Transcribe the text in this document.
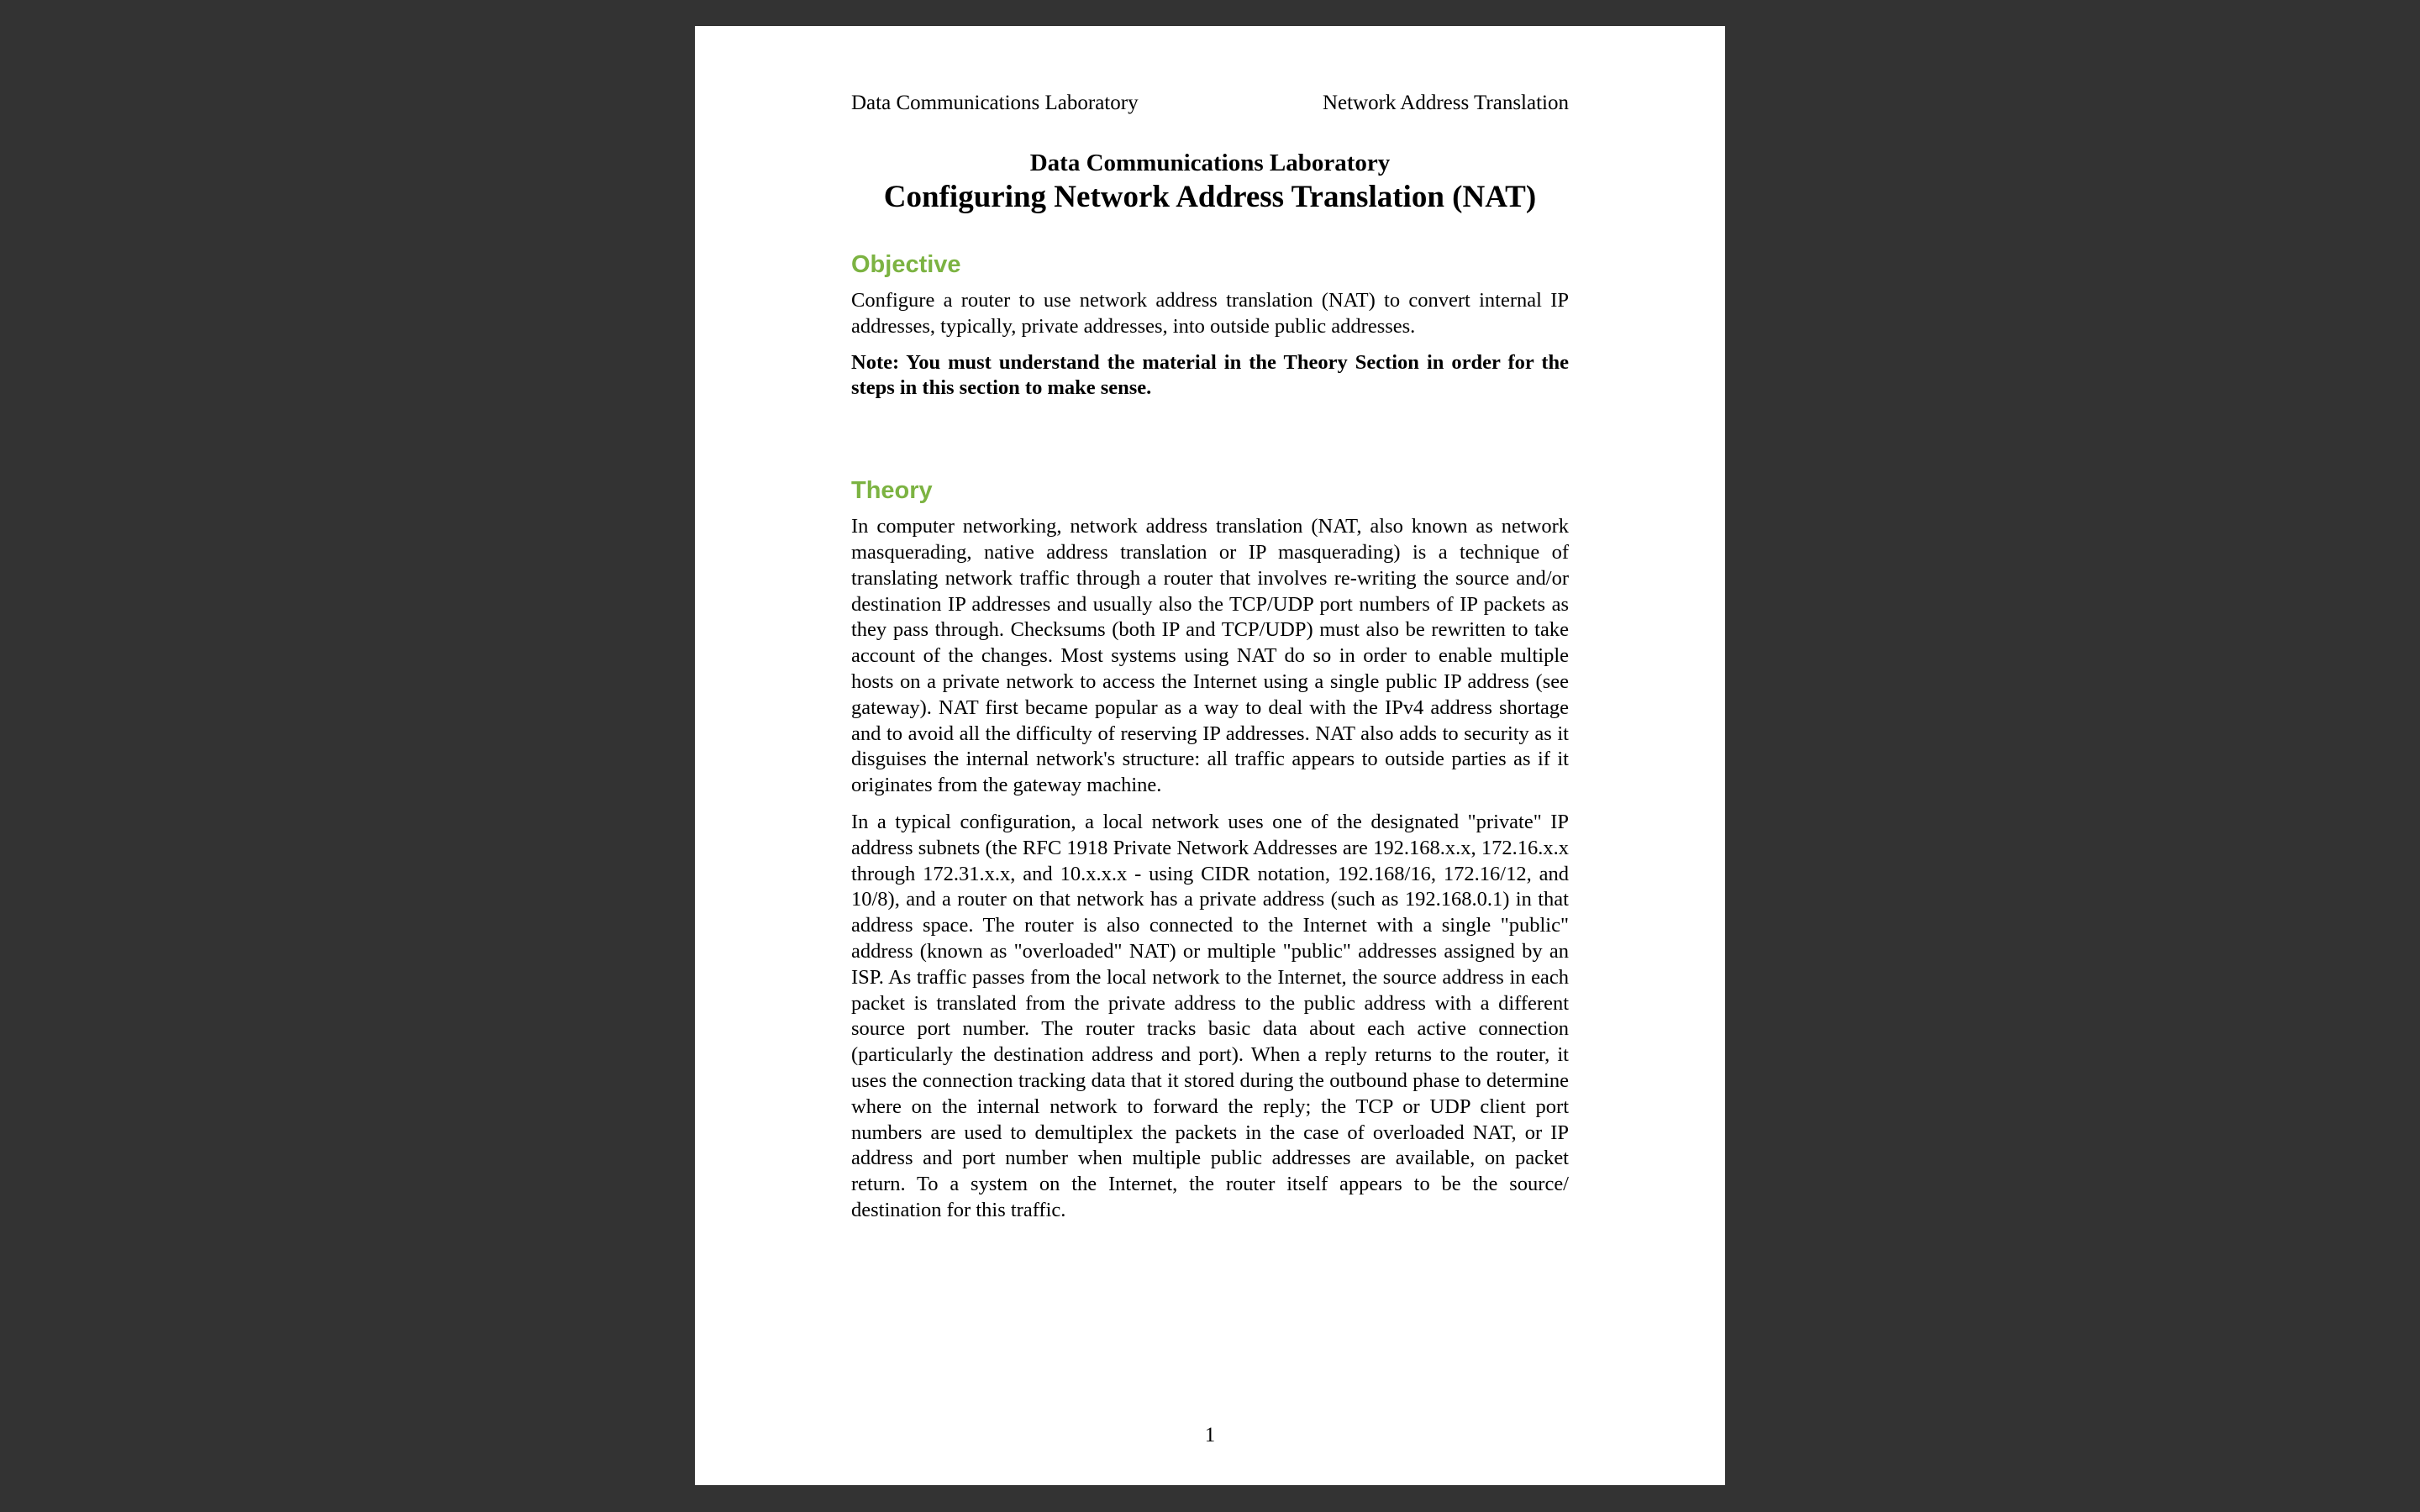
Data Communications Laboratory	Network Address Translation
Data Communications Laboratory
Configuring Network Address Translation (NAT)
Objective

Configure a router to use network address translation (NAT) to convert internal IP addresses, typically, private addresses, into outside public addresses.

Note: You must understand the material in the Theory Section in order for the steps in this section to make sense.

Theory

In computer networking, network address translation (NAT, also known as network masquerading, native address translation or IP masquerading) is a technique of translating network traffic through a router that involves re-writing the source and/or destination IP addresses and usually also the TCP/UDP port numbers of IP packets as they pass through. Checksums (both IP and TCP/UDP) must also be rewritten to take account of the changes. Most systems using NAT do so in order to enable multiple hosts on a private network to access the Internet using a single public IP address (see gateway). NAT first became popular as a way to deal with the IPv4 address shortage and to avoid all the difficulty of reserving IP addresses. NAT also adds to security as it disguises the internal network's structure: all traffic appears to outside parties as if it originates from the gateway machine.

In a typical configuration, a local network uses one of the designated "private" IP address subnets (the RFC 1918 Private Network Addresses are 192.168.x.x, 172.16.x.x through 172.31.x.x, and 10.x.x.x - using CIDR notation, 192.168/16, 172.16/12, and 10/8), and a router on that network has a private address (such as 192.168.0.1) in that address space. The router is also connected to the Internet with a single "public" address (known as "overloaded" NAT) or multiple "public" addresses assigned by an ISP. As traffic passes from the local network to the Internet, the source address in each packet is translated from the private address to the public address with a different source port number. The router tracks basic data about each active connection (particularly the destination address and port). When a reply returns to the router, it uses the connection tracking data that it stored during the outbound phase to determine where on the internal network to forward the reply; the TCP or UDP client port numbers are used to demultiplex the packets in the case of overloaded NAT, or IP address and port number when multiple public addresses are available, on packet return. To a system on the Internet, the router itself appears to be the source/ destination for this traffic.

1
